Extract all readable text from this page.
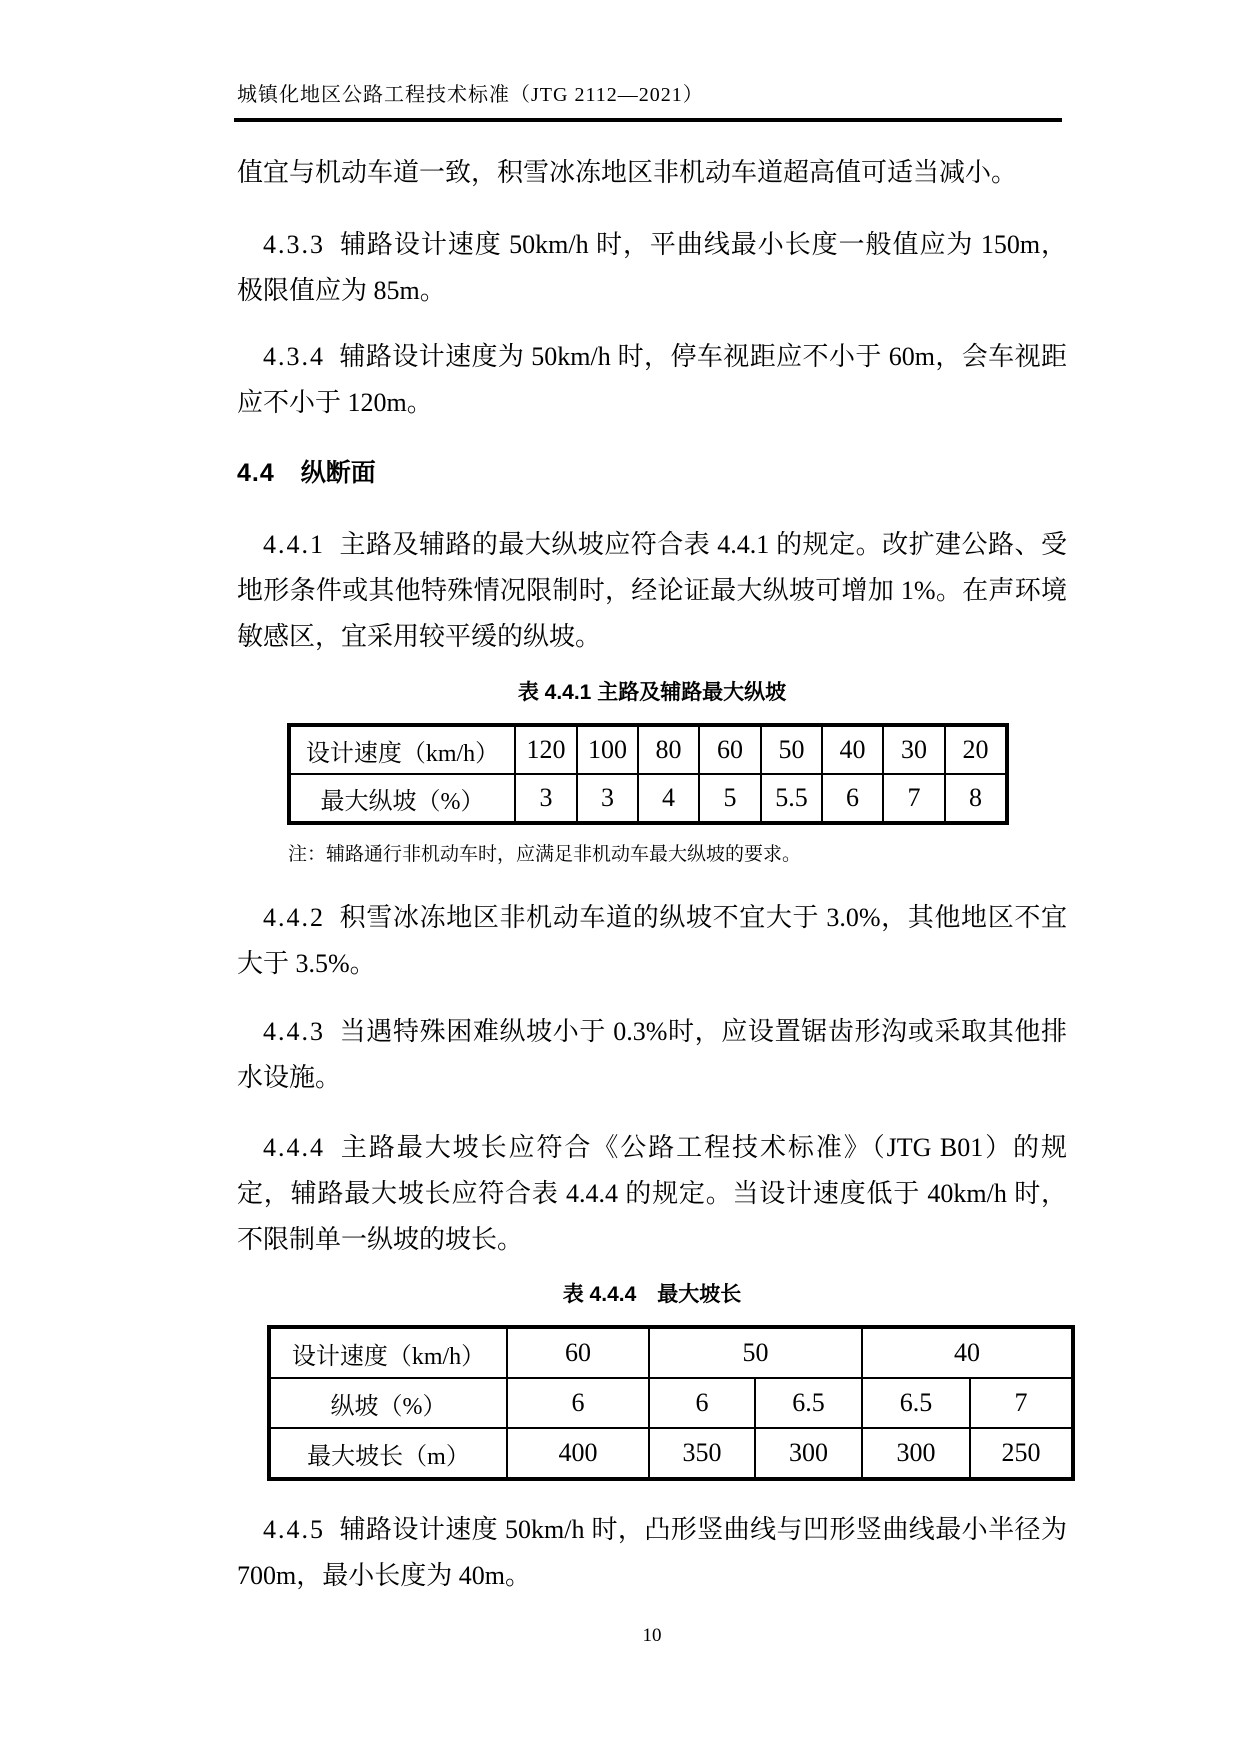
城镇化地区公路工程技术标准（JTG 2112—2021）

值宜与机动车道一致，积雪冰冻地区非机动车道超高值可适当减小。

4.3.3 辅路设计速度 50km/h 时，平曲线最小长度一般值应为 150m，极限值应为 85m。

4.3.4 辅路设计速度为 50km/h 时，停车视距应不小于 60m，会车视距应不小于 120m。

4.4 纵断面

4.4.1 主路及辅路的最大纵坡应符合表 4.4.1 的规定。改扩建公路、受地形条件或其他特殊情况限制时，经论证最大纵坡可增加 1%。在声环境敏感区，宜采用较平缓的纵坡。

表 4.4.1 主路及辅路最大纵坡

设计速度（km/h）	120	100	80	60	50	40	30	20
最大纵坡（%）	3	3	4	5	5.5	6	7	8

注：辅路通行非机动车时，应满足非机动车最大纵坡的要求。

4.4.2 积雪冰冻地区非机动车道的纵坡不宜大于 3.0%，其他地区不宜大于 3.5%。

4.4.3 当遇特殊困难纵坡小于 0.3%时，应设置锯齿形沟或采取其他排水设施。

4.4.4 主路最大坡长应符合《公路工程技术标准》（JTG B01）的规定，辅路最大坡长应符合表 4.4.4 的规定。当设计速度低于 40km/h 时，不限制单一纵坡的坡长。

表 4.4.4　最大坡长

设计速度（km/h）	60	50		40	
纵坡（%）	6	6	6.5	6.5	7
最大坡长（m）	400	350	300	300	250

4.4.5 辅路设计速度 50km/h 时，凸形竖曲线与凹形竖曲线最小半径为 700m，最小长度为 40m。

10
